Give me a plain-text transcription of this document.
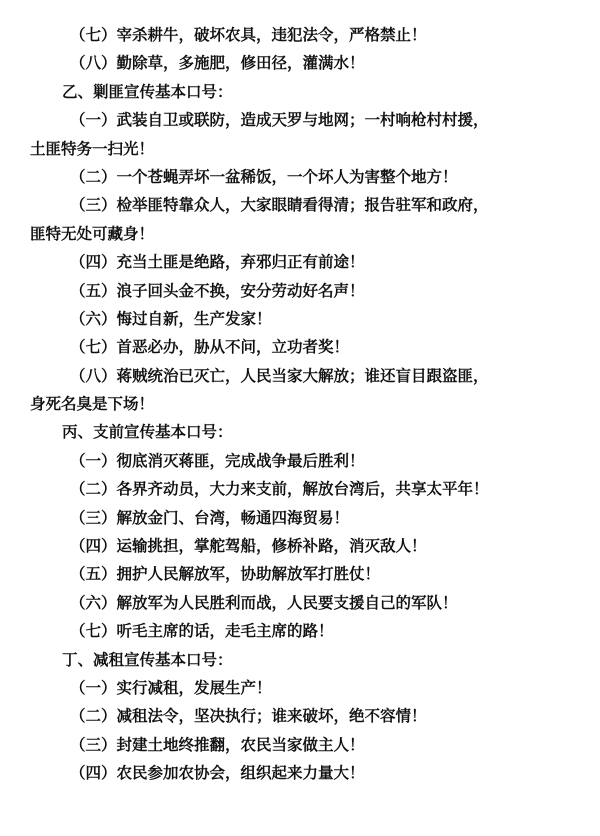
（七）宰杀耕牛，破坏农具，违犯法令，严格禁止！
（八）勤除草，多施肥，修田径，灌满水！
乙、剿匪宣传基本口号：
（一）武装自卫或联防，造成天罗与地网；一村响枪村村援，
土匪特务一扫光！
（二）一个苍蝇弄坏一盆稀饭，一个坏人为害整个地方！
（三）检举匪特靠众人，大家眼睛看得清；报告驻军和政府，
匪特无处可藏身！
（四）充当土匪是绝路，弃邪归正有前途！
（五）浪子回头金不换，安分劳动好名声！
（六）悔过自新，生产发家！
（七）首恶必办，胁从不问，立功者奖！
（八）蒋贼统治已灭亡，人民当家大解放；谁还盲目跟盗匪，
身死名臭是下场！
丙、支前宣传基本口号：
（一）彻底消灭蒋匪，完成战争最后胜利！
（二）各界齐动员，大力来支前，解放台湾后，共享太平年！
（三）解放金门、台湾，畅通四海贸易！
（四）运输挑担，掌舵驾船，修桥补路，消灭敌人！
（五）拥护人民解放军，协助解放军打胜仗！
（六）解放军为人民胜利而战，人民要支援自己的军队！
（七）听毛主席的话，走毛主席的路！
丁、减租宣传基本口号：
（一）实行减租，发展生产！
（二）减租法令，坚决执行；谁来破坏，绝不容情！
（三）封建土地终推翻，农民当家做主人！
（四）农民参加农协会，组织起来力量大！
